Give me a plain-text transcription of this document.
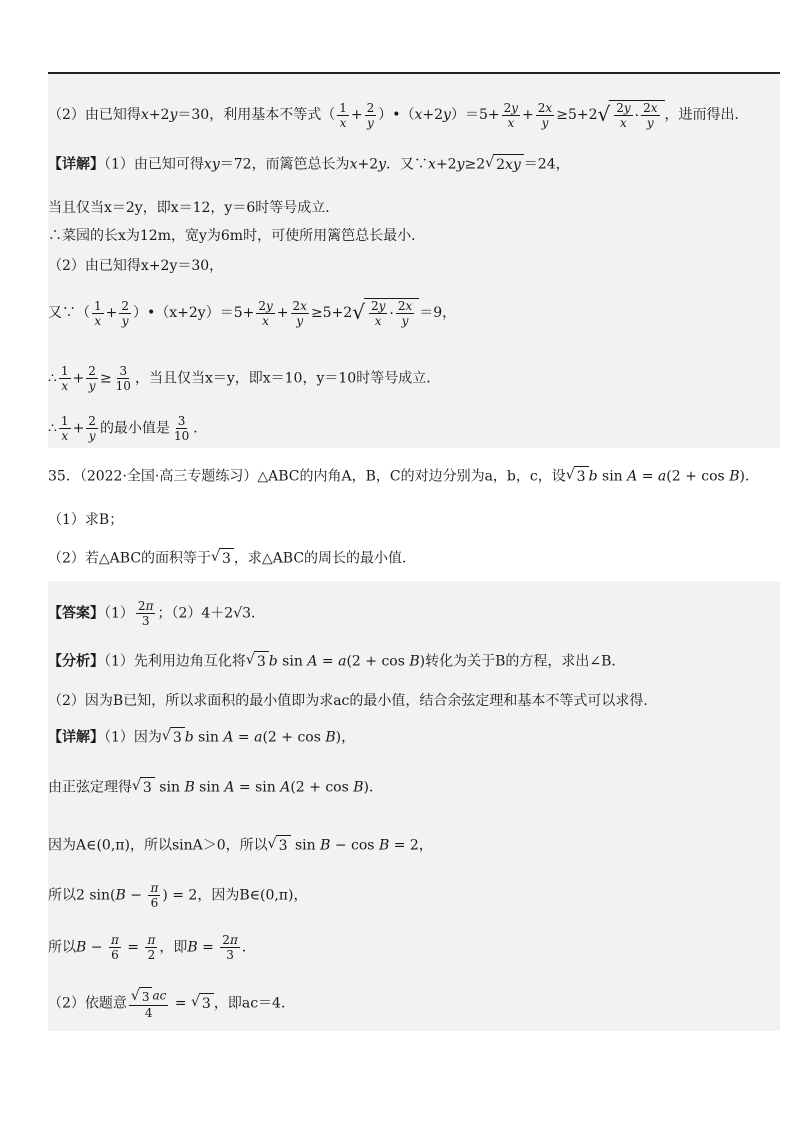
（2）由已知得x+2y＝30，利用基本不等式（ $\frac{1}{x} + \frac{2}{y}$ ）•（x+2y）＝5+ $\frac{2y}{x} + \frac{2x}{y} \ge 5+2$ √ $\frac{2y}{x} \cdot \frac{2x}{y}$ ，进而得出．
【详解】（1）由已知可得xy＝72，而篱笆总长为x+2y．又∵x+2y≥2 √ 2 xy ＝24，
当且仅当x＝2y，即x＝12，y＝6时等号成立．
∴菜园的长x为12m，宽y为6m时，可使所用篱笆总长最小．
（2）由已知得x+2y＝30，
又∵（ $\frac{1}{x} + \frac{2}{y}$ ）•（x+2y）＝5+ $\frac{2y}{x} + \frac{2x}{y} \ge 5+2$ √ $\frac{2y}{x} \cdot \frac{2x}{y} =9$，
∴ $\frac{1}{x} + \frac{2}{y} \ge \frac{3}{10}$ ，当且仅当x＝y，即x＝10，y＝10时等号成立．
∴ $\frac{1}{x} + \frac{2}{y}$ 的最小值是 $\frac{3}{10}$ ．
35．（2022·全国·高三专题练习）△ABC的内角A，B，C的对边分别为a，b，c，设 √ 3 b sin A = a(2 + cos B)．
（1）求B；
（2）若△ABC的面积等于 √ 3 ，求△ABC的周长的最小值．
【答案】$(1) \frac{2\pi}{3}$ ；（2）4＋2√3．
【分析】（1）先利用边角互化将 √ 3 b sin A = a(2 + cos B)转化为关于B的方程，求出∠B．
（2）因为B已知，所以求面积的最小值即为求ac的最小值，结合余弦定理和基本不等式可以求得．
【详解】（1）因为 √ 3 b sin A = a(2 + cos B)，
由正弦定理得 √ 3 sin B sin A = sin A(2 + cos B)．
因为A∈(0,π)，所以sinA＞0，所以 √ 3 sin B − cos B = 2，
所以2 $\sin(B - \frac{\pi}{6}$ ) = 2，因为B∈(0,π)，
所以$B - \frac{\pi}{6} = \frac{\pi}{2}$ ，即$B = \frac{2\pi}{3}$ ．
（2）依题意 $\frac{√ 3 ac}{4}$ = √ 3 ，即ac＝4．
